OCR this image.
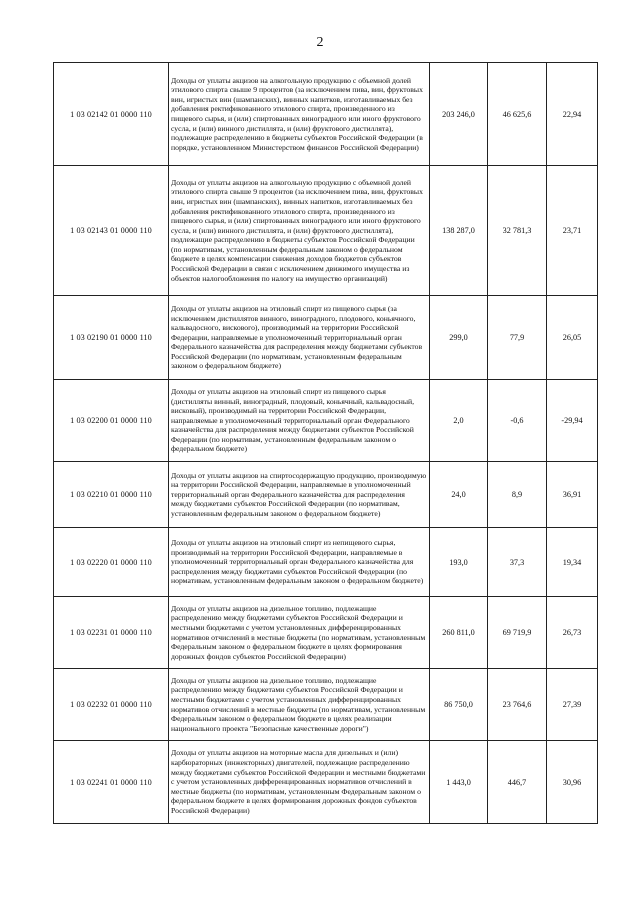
2
1 03 02142 01 0000 110	Доходы от уплаты акцизов на алкогольную продукцию с объемной долей этилового спирта свыше 9 процентов (за исключением пива, вин, фруктовых вин, игристых вин (шампанских), винных напитков, изготавливаемых без добавления ректификованного этилового спирта, произведенного из пищевого сырья, и (или) спиртованных виноградного или иного фруктового сусла, и (или) винного дистиллята, и (или) фруктового дистиллята), подлежащие распределению в бюджеты субъектов Российской Федерации (в порядке, установленном Министерством финансов Российской Федерации)	203 246,0	46 625,6	22,94
1 03 02143 01 0000 110	Доходы от уплаты акцизов на алкогольную продукцию с объемной долей этилового спирта свыше 9 процентов (за исключением пива, вин, фруктовых вин, игристых вин (шампанских), винных напитков, изготавливаемых без добавления ректификованного этилового спирта, произведенного из пищевого сырья, и (или) спиртованных виноградного или иного фруктового сусла, и (или) винного дистиллята, и (или) фруктового дистиллята), подлежащие распределению в бюджеты субъектов Российской Федерации (по нормативам, установленным федеральным законом о федеральном бюджете в целях компенсации снижения доходов бюджетов субъектов Российской Федерации в связи с исключением движимого имущества из объектов налогообложения по налогу на имущество организаций)	138 287,0	32 781,3	23,71
1 03 02190 01 0000 110	Доходы от уплаты акцизов на этиловый спирт из пищевого сырья (за исключением дистиллятов винного, виноградного, плодового, коньячного, кальвадосного, вискового), производимый на территории Российской Федерации, направляемые в уполномоченный территориальный орган Федерального казначейства для распределения между бюджетами субъектов Российской Федерации (по нормативам, установленным федеральным законом о федеральном бюджете)	299,0	77,9	26,05
1 03 02200 01 0000 110	Доходы от уплаты акцизов на этиловый спирт из пищевого сырья (дистилляты винный, виноградный, плодовый, коньячный, кальвадосный, висковый), производимый на территории Российской Федерации, направляемые в уполномоченный территориальный орган Федерального казначейства для распределения между бюджетами субъектов Российской Федерации (по нормативам, установленным федеральным законом о федеральном бюджете)	2,0	-0,6	-29,94
1 03 02210 01 0000 110	Доходы от уплаты акцизов на спиртосодержащую продукцию, производимую на территории Российской Федерации, направляемые в уполномоченный территориальный орган Федерального казначейства для распределения между бюджетами субъектов Российской Федерации (по нормативам, установленным федеральным законом о федеральном бюджете)	24,0	8,9	36,91
1 03 02220 01 0000 110	Доходы от уплаты акцизов на этиловый спирт из непищевого сырья, производимый на территории Российской Федерации, направляемые в уполномоченный территориальный орган Федерального казначейства для распределения между бюджетами субъектов Российской Федерации (по нормативам, установленным федеральным законом о федеральном бюджете)	193,0	37,3	19,34
1 03 02231 01 0000 110	Доходы от уплаты акцизов на дизельное топливо, подлежащие распределению между бюджетами субъектов Российской Федерации и местными бюджетами с учетом установленных дифференцированных нормативов отчислений в местные бюджеты (по нормативам, установленным Федеральным законом о федеральном бюджете в целях формирования дорожных фондов субъектов Российской Федерации)	260 811,0	69 719,9	26,73
1 03 02232 01 0000 110	Доходы от уплаты акцизов на дизельное топливо, подлежащие распределению между бюджетами субъектов Российской Федерации и местными бюджетами с учетом установленных дифференцированных нормативов отчислений в местные бюджеты (по нормативам, установленным Федеральным законом о федеральном бюджете в целях реализации национального проекта "Безопасные качественные дороги")	86 750,0	23 764,6	27,39
1 03 02241 01 0000 110	Доходы от уплаты акцизов на моторные масла для дизельных и (или) карбюраторных (инжекторных) двигателей, подлежащие распределению между бюджетами субъектов Российской Федерации и местными бюджетами с учетом установленных дифференцированных нормативов отчислений в местные бюджеты (по нормативам, установленным Федеральным законом о федеральном бюджете в целях формирования дорожных фондов субъектов Российской Федерации)	1 443,0	446,7	30,96
